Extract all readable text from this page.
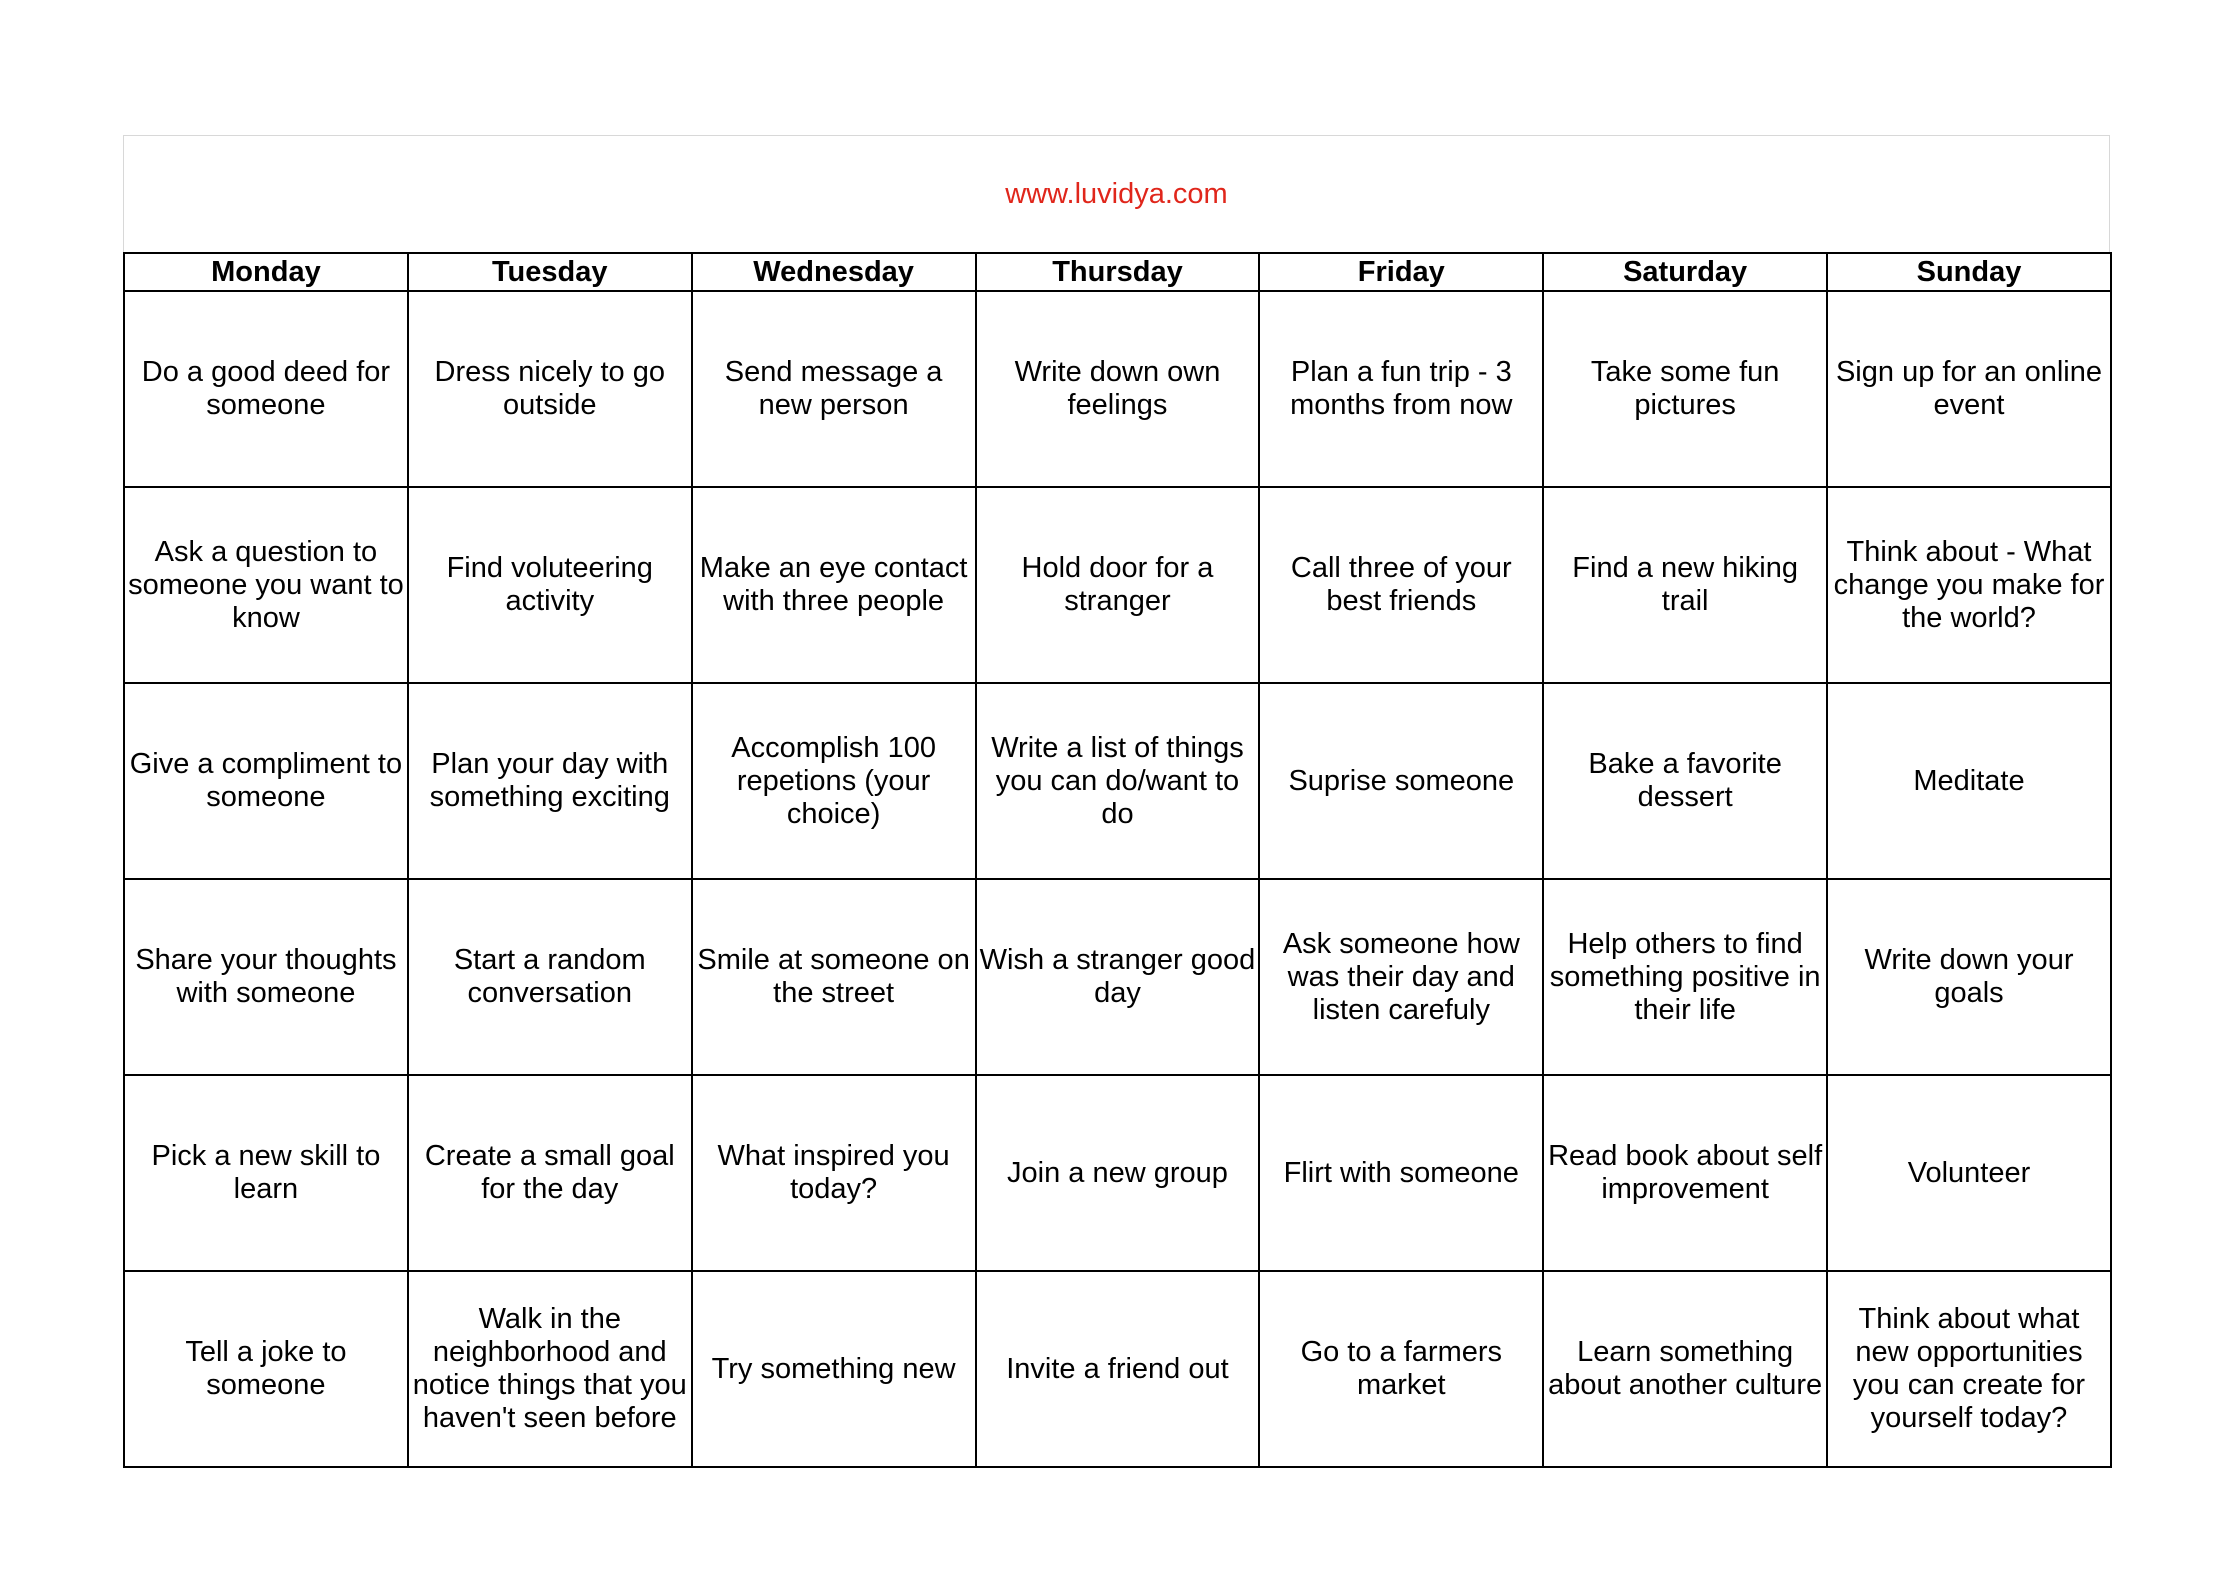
www.luvidya.com
Monday	Tuesday	Wednesday	Thursday	Friday	Saturday	Sunday
Do a good deed for someone	Dress nicely to go outside	Send message a new person	Write down own feelings	Plan a fun trip - 3 months from now	Take some fun pictures	Sign up for an online event
Ask a question to someone you want to know	Find voluteering activity	Make an eye contact with three people	Hold door for a stranger	Call three of your best friends	Find a new hiking trail	Think about - What change you make for the world?
Give a compliment to someone	Plan your day with something exciting	Accomplish 100 repetions (your choice)	Write a list of things you can do/want to do	Suprise someone	Bake a favorite dessert	Meditate
Share your thoughts with someone	Start a random conversation	Smile at someone on the street	Wish a stranger good day	Ask someone how was their day and listen carefuly	Help others to find something positive in their life	Write down your goals
Pick a new skill to learn	Create a small goal for the day	What inspired you today?	Join a new group	Flirt with someone	Read book about self improvement	Volunteer
Tell a joke to someone	Walk in the neighborhood and notice things that you haven't seen before	Try something new	Invite a friend out	Go to a farmers market	Learn something about another culture	Think about what new opportunities you can create for yourself today?
